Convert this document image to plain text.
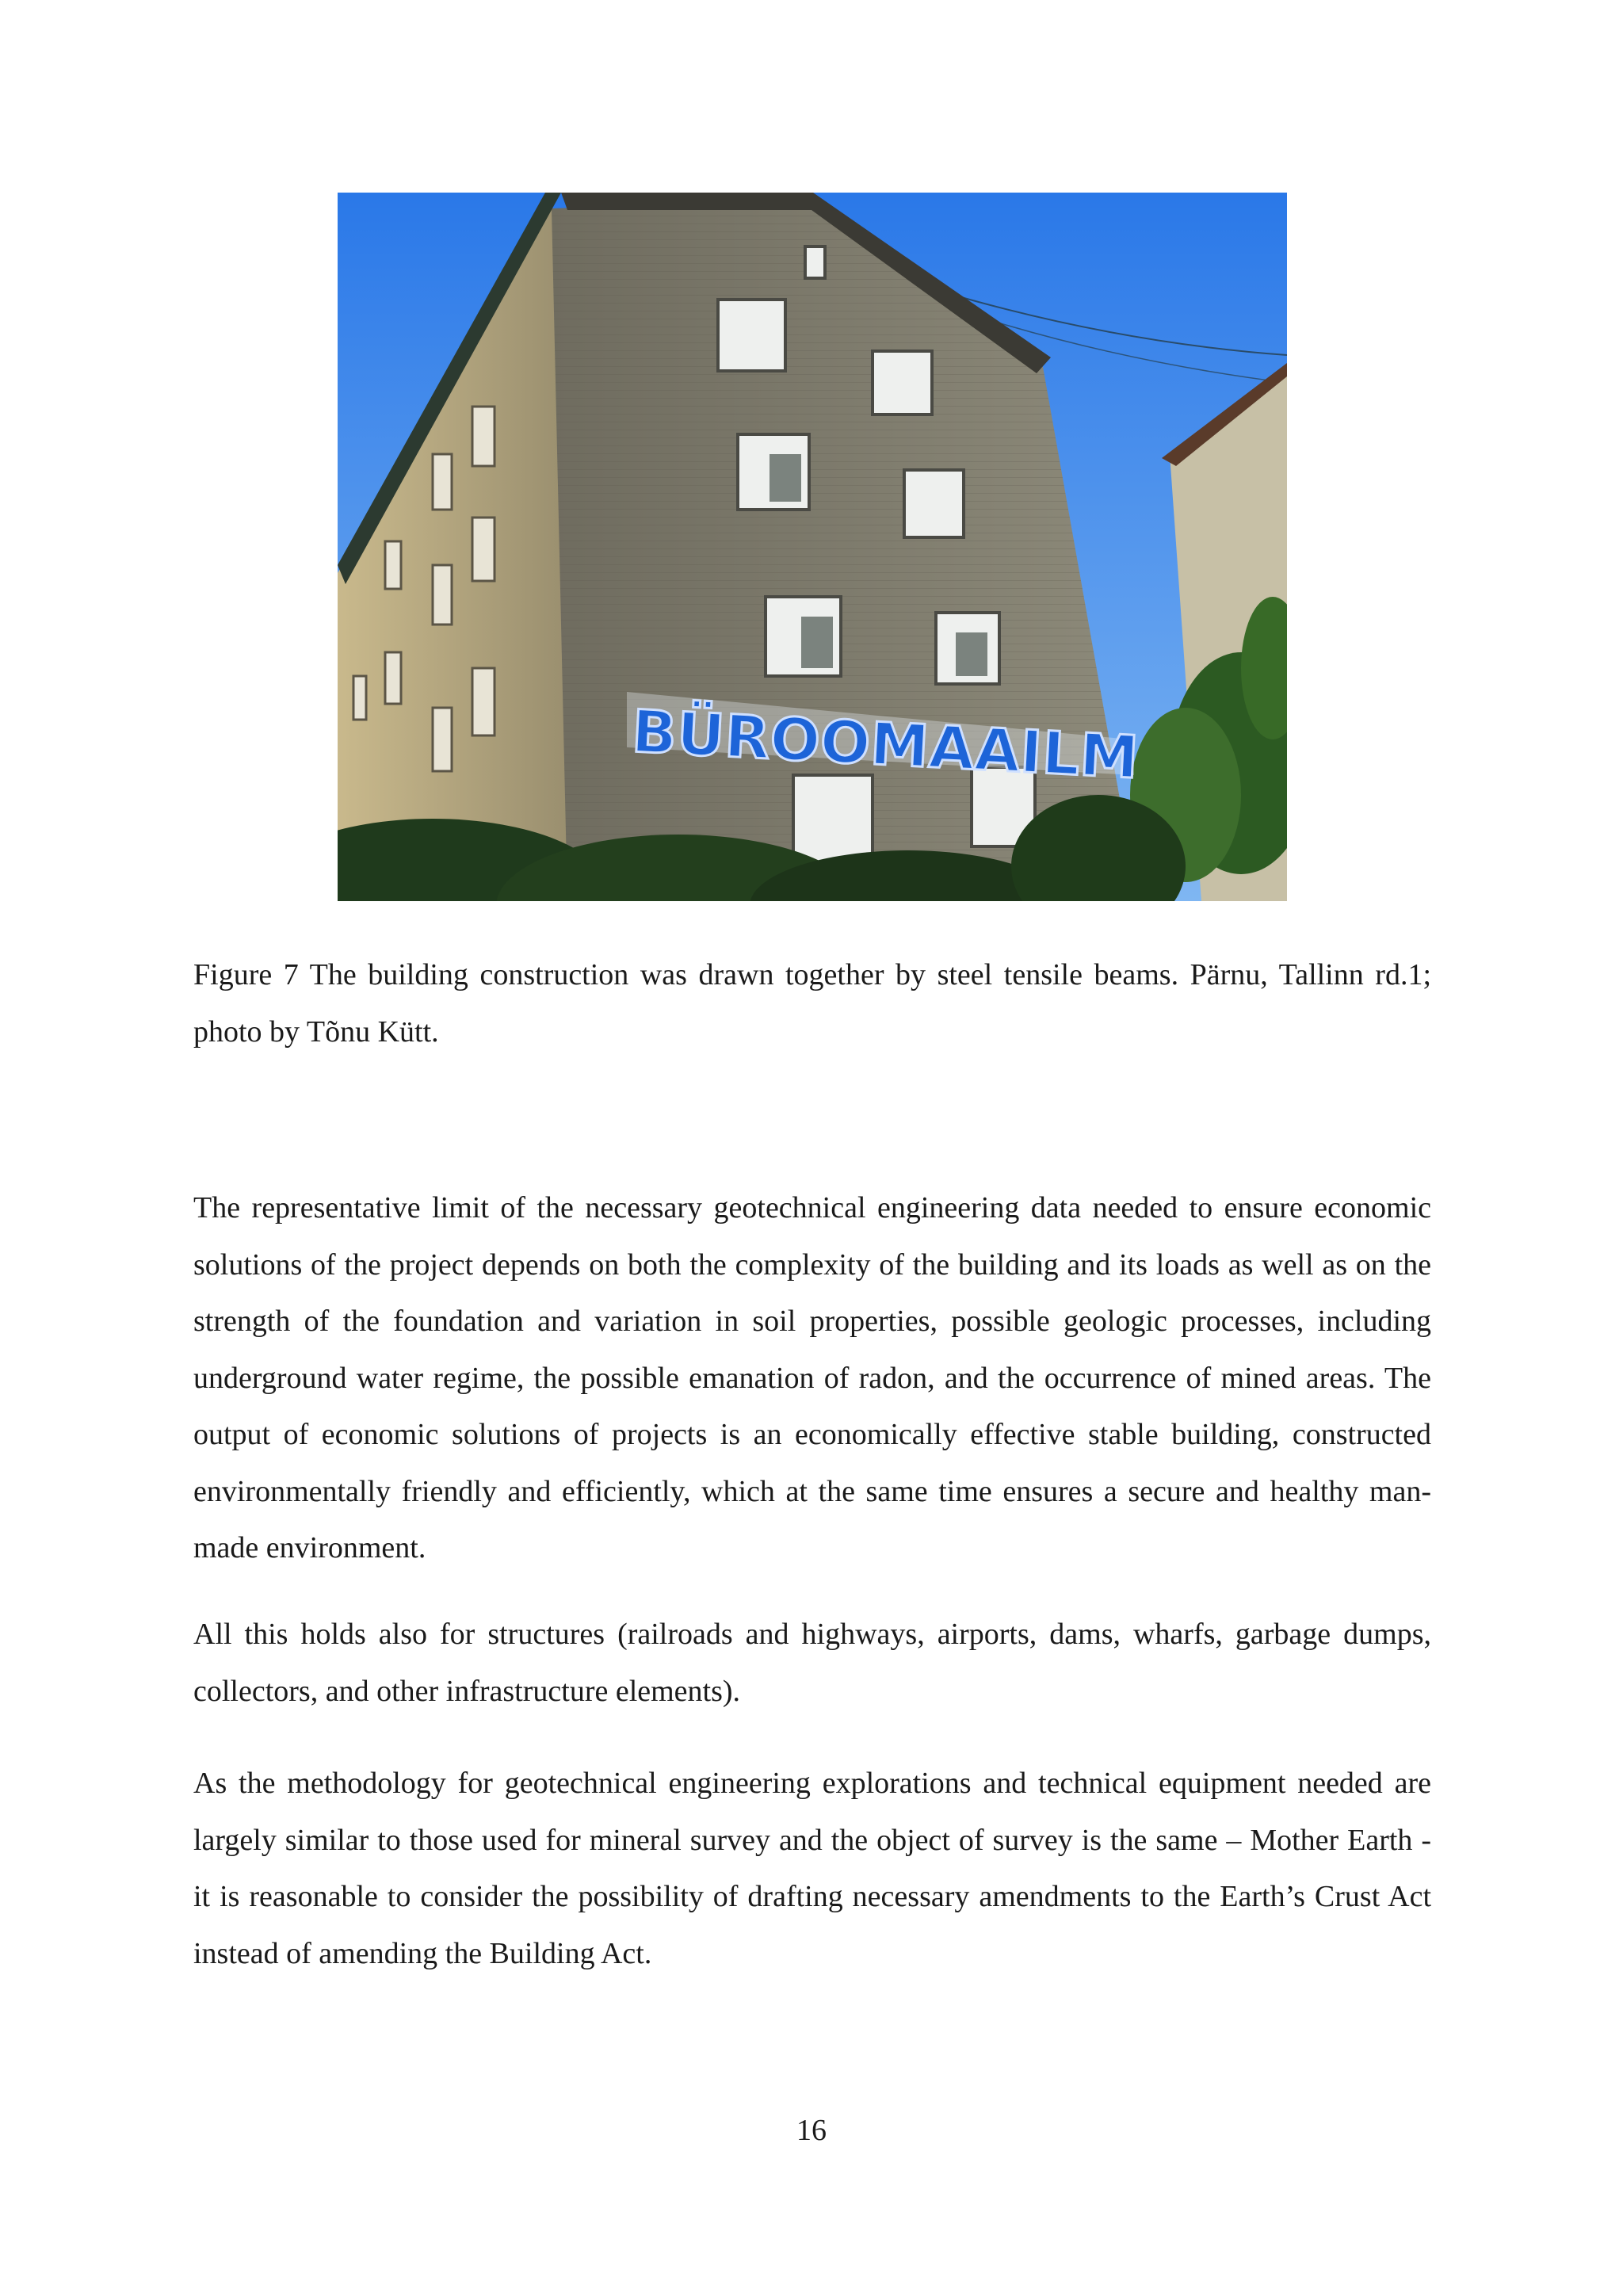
BÜROOMAAILM
Figure 7 The building construction was drawn together by steel tensile beams. Pärnu, Tallinn rd.1; photo by Tõnu Kütt.
The representative limit of the necessary geotechnical engineering data needed to ensure economic solutions of the project depends on both the complexity of the building and its loads as well as on the strength of the foundation and variation in soil properties, possible geologic processes, including underground water regime, the possible emanation of radon, and the occurrence of mined areas. The output of economic solutions of projects is an economically effective stable building, constructed environmentally friendly and efficiently, which at the same time ensures a secure and healthy man-made environment.
All this holds also for structures (railroads and highways, airports, dams, wharfs, garbage dumps, collectors, and other infrastructure elements).
As the methodology for geotechnical engineering explorations and technical equipment needed are largely similar to those used for mineral survey and the object of survey is the same – Mother Earth - it is reasonable to consider the possibility of drafting necessary amendments to the Earth’s Crust Act instead of amending the Building Act.
16
